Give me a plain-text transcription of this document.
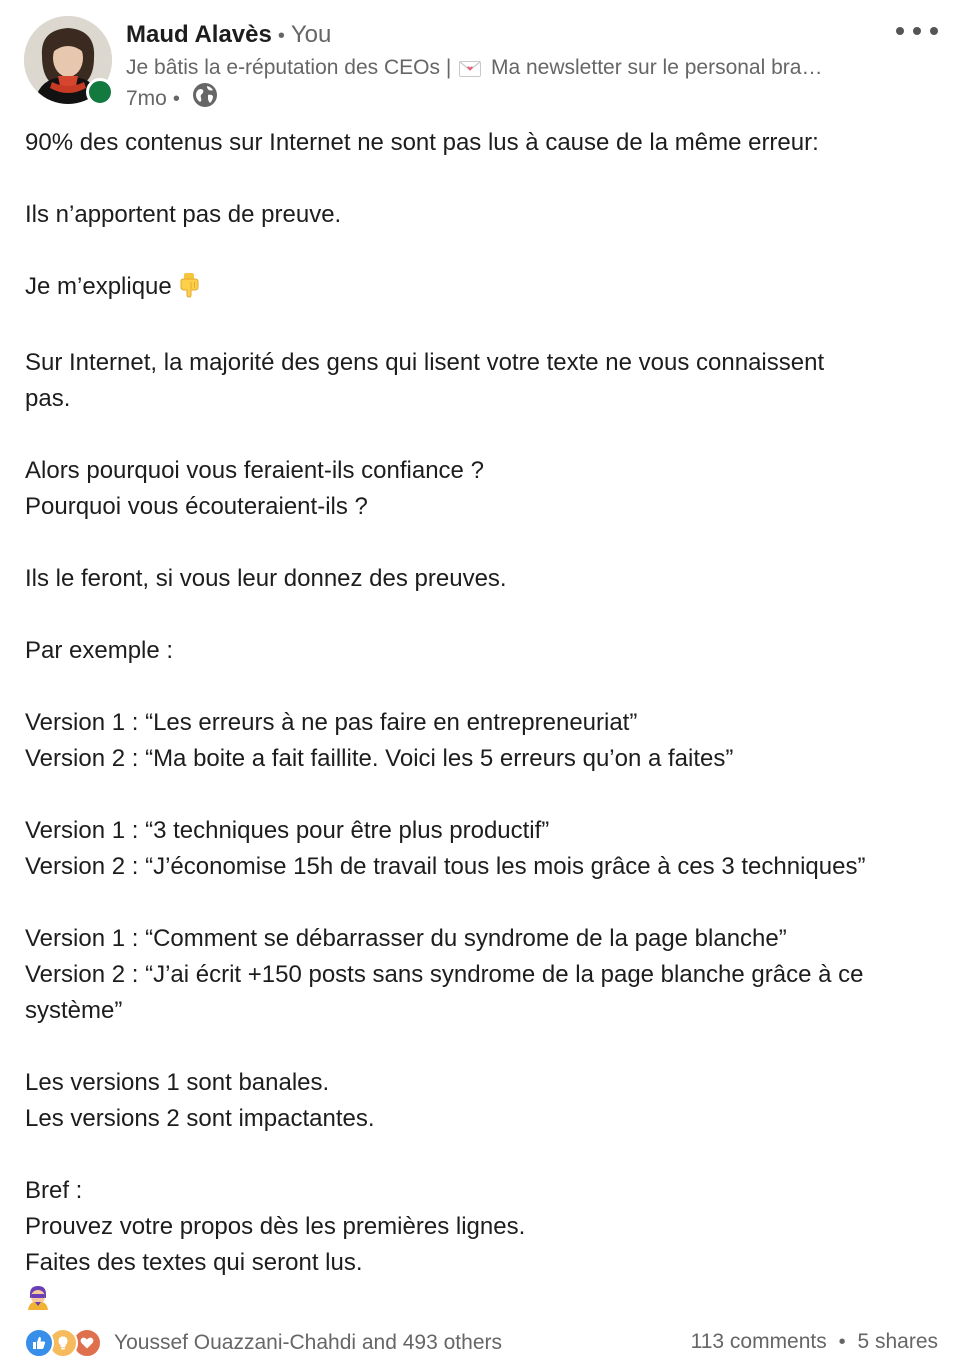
Maud Alavès • You
Je bâtis la e-réputation des CEOs | Ma newsletter sur le personal bra…
7mo •

90% des contenus sur Internet ne sont pas lus à cause de la même erreur:

Ils n’apportent pas de preuve.

Je m’explique

Sur Internet, la majorité des gens qui lisent votre texte ne vous connaissent

pas.

Alors pourquoi vous feraient-ils confiance ?

Pourquoi vous écouteraient-ils ?

Ils le feront, si vous leur donnez des preuves.

Par exemple :

Version 1 : “Les erreurs à ne pas faire en entrepreneuriat”

Version 2 : “Ma boite a fait faillite. Voici les 5 erreurs qu’on a faites”

Version 1 : “3 techniques pour être plus productif”

Version 2 : “J’économise 15h de travail tous les mois grâce à ces 3 techniques”

Version 1 : “Comment se débarrasser du syndrome de la page blanche”

Version 2 : “J’ai écrit +150 posts sans syndrome de la page blanche grâce à ce

système”

Les versions 1 sont banales.

Les versions 2 sont impactantes.

Bref :

Prouvez votre propos dès les premières lignes.

Faites des textes qui seront lus.

Youssef Ouazzani-Chahdi and 493 others	113 comments • 5 shares
